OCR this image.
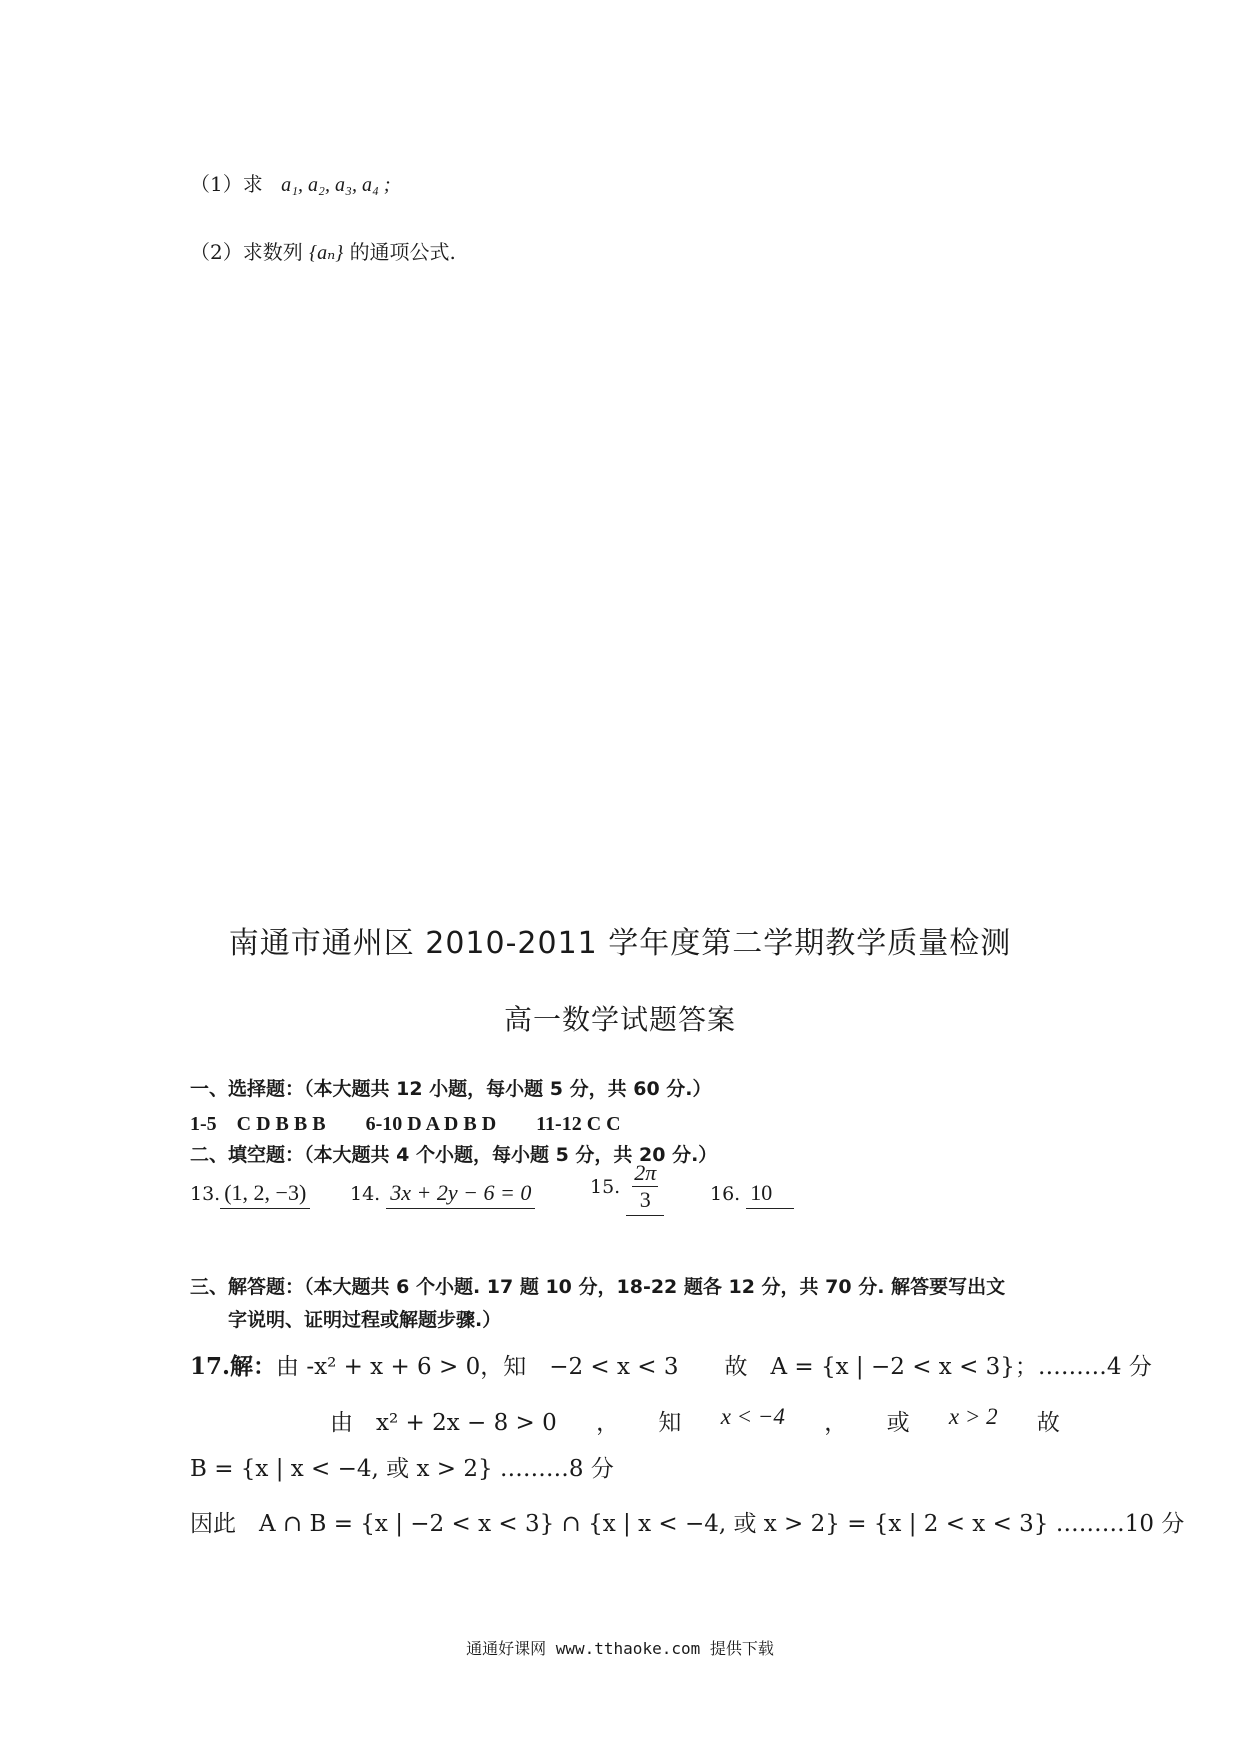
（1）求 a₁, a₂, a₃, a₄ ;
（2）求数列 {aₙ} 的通项公式.
南通市通州区 2010-2011 学年度第二学期教学质量检测
高一数学试题答案
一、选择题：（本大题共 12 小题，每小题 5 分，共 60 分.）
1-5　C D B B B　　6-10 D A D B D　　11-12 C C
二、填空题：（本大题共 4 个小题，每小题 5 分，共 20 分.）
13. (1, 2, −3) 14. 3x + 2y − 6 = 0	15. $\frac{2\pi}{3} 16$. 10
三、解答题：（本大题共 6 个小题. 17 题 10 分，18-22 题各 12 分，共 70 分. 解答要写出文
字说明、证明过程或解题步骤.）
17.解：由 -x² + x + 6 > 0，知　−2 < x < 3　　故　A = {x | −2 < x < 3}；………4 分
由　x² + 2x − 8 > 0 ， 知 x < −4 ， 或 x > 2 故
B = {x | x < −4, 或 x > 2} ………8 分
因此　A ∩ B = {x | −2 < x < 3} ∩ {x | x < −4, 或 x > 2} = {x | 2 < x < 3} ………10 分
通通好课网 www.tthaoke.com 提供下载
